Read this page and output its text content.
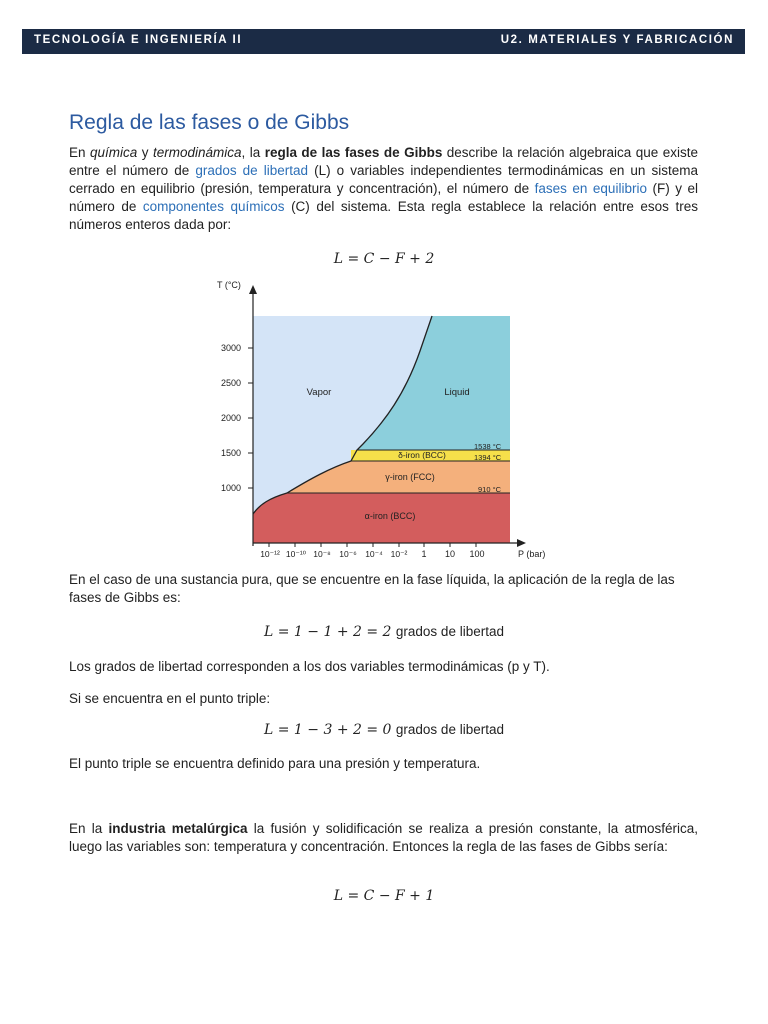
TECNOLOGÍA E INGENIERÍA II	U2. MATERIALES Y FABRICACIÓN
Regla de las fases o de Gibbs

En química y termodinámica, la regla de las fases de Gibbs describe la relación algebraica que existe entre el número de grados de libertad (L) o variables independientes termodinámicas en un sistema cerrado en equilibrio (presión, temperatura y concentración), el número de fases en equilibrio (F) y el número de componentes químicos (C) del sistema. Esta regla establece la relación entre esos tres números enteros dada por:

L = C − F + 2
3000
2500
2000
1500
1000
10⁻¹² 10⁻¹⁰ 10⁻⁸ 10⁻⁶ 10⁻⁴ 10⁻² 1 10 100
T (°C)
P (bar)
Vapor	Liquid
δ-iron (BCC)
γ-iron (FCC)
α-iron (BCC)
1538 °C
1394 °C
910 °C

En el caso de una sustancia pura, que se encuentre en la fase líquida, la aplicación de la regla de las fases de Gibbs es:

L = 1 − 1 + 2 = 2 grados de libertad

Los grados de libertad corresponden a los dos variables termodinámicas (p y T).

Si se encuentra en el punto triple:

L = 1 − 3 + 2 = 0 grados de libertad

El punto triple se encuentra definido para una presión y temperatura.

En la industria metalúrgica la fusión y solidificación se realiza a presión constante, la atmosférica, luego las variables son: temperatura y concentración. Entonces la regla de las fases de Gibbs sería:

L = C − F + 1
